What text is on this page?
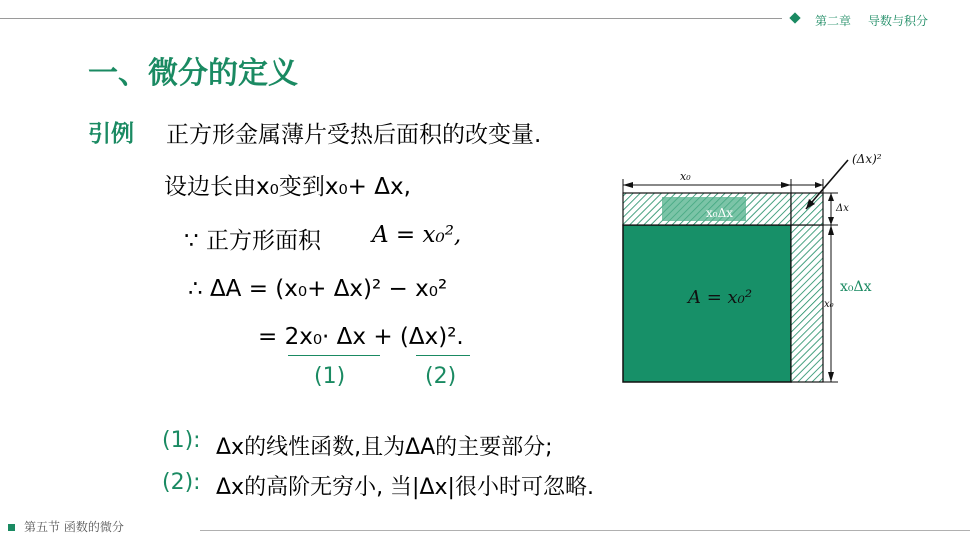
第二章 导数与积分
一、微分的定义
引例 正方形金属薄片受热后面积的改变量.
设边长由x₀变到x₀+ Δx,
∵ 正方形面积 A = x₀²,
∴ ΔA = (x₀+ Δx)² − x₀²
= 2x₀· Δx + (Δx)².
(1)	(2)
(1): Δx的线性函数,且为ΔA的主要部分;
(2): Δx的高阶无穷小, 当|Δx|很小时可忽略.
x₀
x₀
(Δx)²
A = x₀²
x₀Δx
x₀Δx
Δx
第五节 函数的微分
